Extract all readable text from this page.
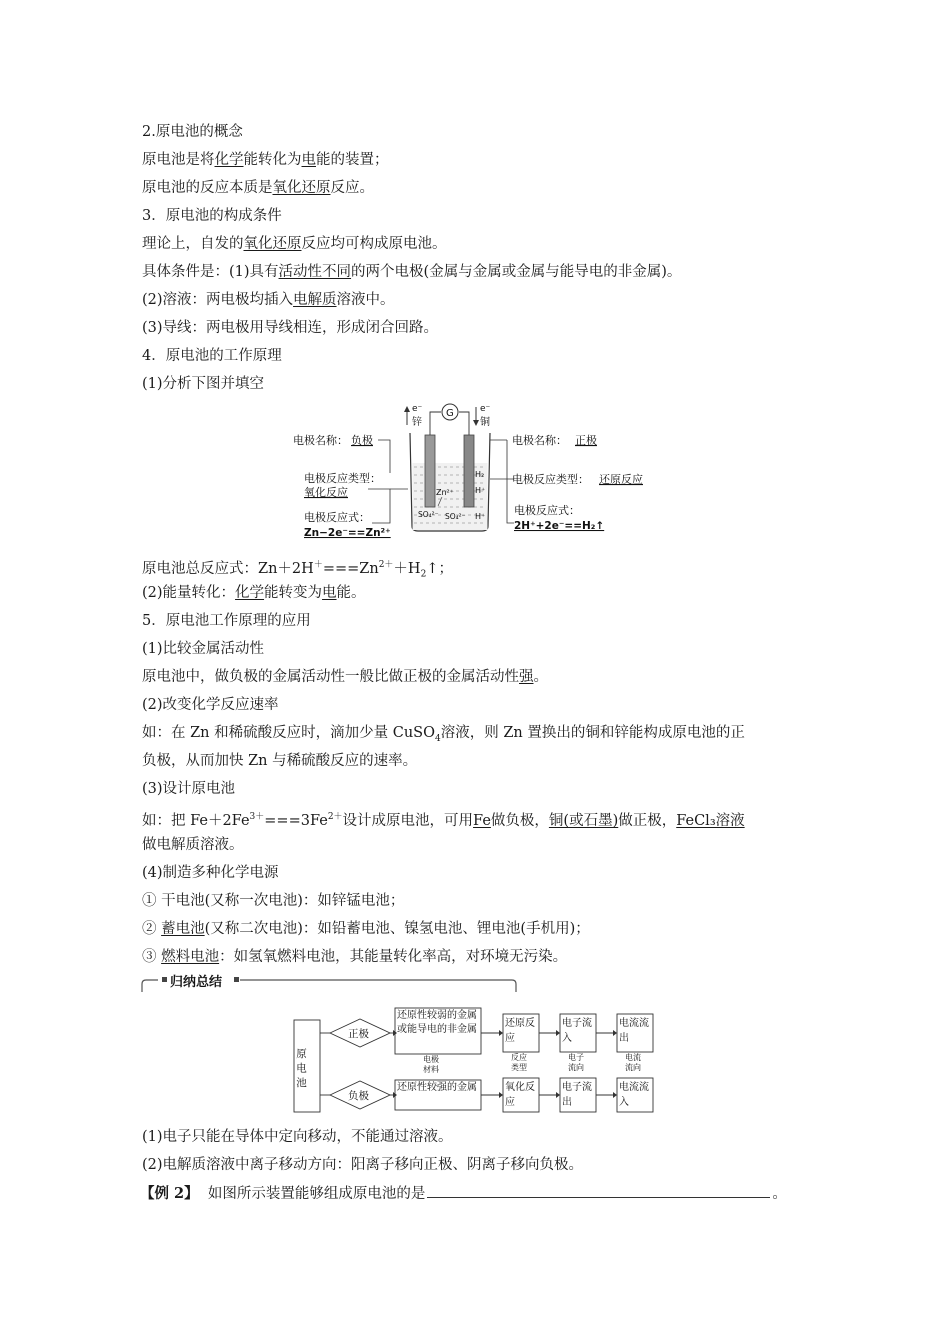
2.原电池的概念
原电池是将化学能转化为电能的装置；
原电池的反应本质是氧化还原反应。
3．原电池的构成条件
理论上，自发的氧化还原反应均可构成原电池。
具体条件是：(1)具有活动性不同的两个电极(金属与金属或金属与能导电的非金属)。
(2)溶液：两电极均插入电解质溶液中。
(3)导线：两电极用导线相连，形成闭合回路。
4．原电池的工作原理
(1)分析下图并填空
电极名称： 负极
电极反应类型：
氧化反应
电极反应式：
Zn−2e⁻==Zn²⁺
G
e⁻
锌
e⁻
铜
Zn²⁺
H₂
H⁺
H⁺
SO₄²⁻ SO₄²⁻
电极名称： 正极
电极反应类型： 还原反应
电极反应式：
2H⁺+2e⁻==H₂↑
原电池总反应式：$Zn+2H^+===Zn^{2+}+H_2↑$；
(2)能量转化：化学能转变为电能。
5．原电池工作原理的应用
(1)比较金属活动性
原电池中，做负极的金属活动性一般比做正极的金属活动性强。
(2)改变化学反应速率
如：在 Zn 和稀硫酸反应时，滴加少量 CuSO$_4$溶液，则 Zn 置换出的铜和锌能构成原电池的正
负极，从而加快 Zn 与稀硫酸反应的速率。
(3)设计原电池
如：把 $Fe+2Fe^{3+}===3Fe^{2+}$设计成原电池，可用Fe做负极，铜(或石墨)做正极，FeCl₃溶液
做电解质溶液。
(4)制造多种化学电源
① 干电池(又称一次电池)：如锌锰电池；
② 蓄电池(又称二次电池)：如铅蓄电池、镍氢电池、锂电池(手机用)；
③ 燃料电池：如氢氧燃料电池，其能量转化率高，对环境无污染。
归纳总结
原电池
正极
负极
还原性较弱的金属或能导电的非金属
还原性较强的金属
还原反应
氧化反应
电子流入
电子流出
电流流出
电流流入
电极材料
反应类型
电子流向
电流流向
(1)电子只能在导体中定向移动，不能通过溶液。
(2)电解质溶液中离子移动方向：阳离子移向正极、阴离子移向负极。
【例 2】 如图所示装置能够组成原电池的是	。
